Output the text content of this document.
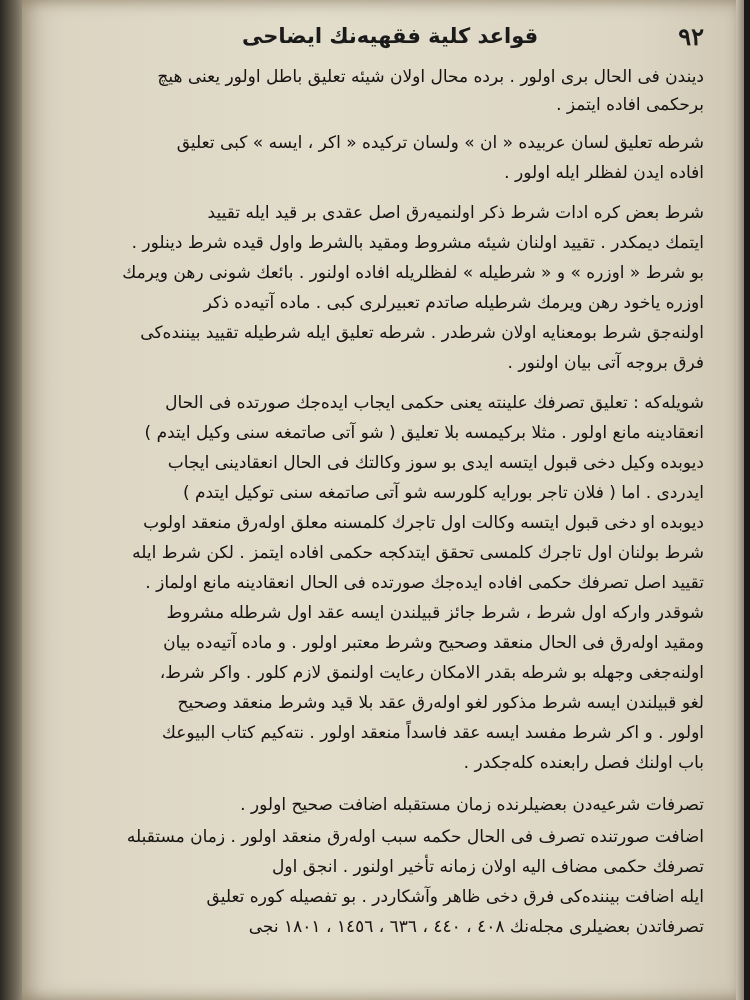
٩٢
قواعد كلية فقهيه‌نك ايضاحى
ديندن فى الحال برى اولور . برده محال اولان شيئه تعليق باطل اولور يعنى هيچ
برحكمى افاده ايتمز .
شرطه تعليق لسان عربيده « ان » ولسان تركيده « اكر ، ايسه » كبى تعليق
افاده ايدن لفظلر ايله اولور .
شرط بعض كره ادات شرط ذكر اولنميه‌رق اصل عقدى بر قيد ايله تقييد
ايتمك ديمكدر . تقييد اولنان شيئه مشروط ومقيد بالشرط واول قيده شرط دينلور .
بو شرط « اوزره » و « شرطيله » لفظلريله افاده اولنور . بائعك شونى رهن ويرمك
اوزره ياخود رهن ويرمك شرطيله صاتدم تعبيرلرى كبى . ماده آتيه‌ده ذكر
اولنه‌جق شرط بومعنايه اولان شرطدر . شرطه تعليق ايله شرطيله تقييد بيننده‌كى
فرق بروجه آتى بيان اولنور .
شويله‌كه : تعليق تصرفك علينته يعنى حكمى ايجاب ايده‌جك صورتده فى الحال
انعقادينه مانع اولور . مثلا بركيمسه بلا تعليق ( شو آتى صاتمغه سنى وكيل ايتدم )
ديوبده وكيل دخى قبول ايتسه ايدى بو سوز وكالتك فى الحال انعقادينى ايجاب
ايدردى . اما ( فلان تاجر بورايه كلورسه شو آتى صاتمغه سنى توكيل ايتدم )
ديوبده او دخى قبول ايتسه وكالت اول تاجرك كلمسنه معلق اوله‌رق منعقد اولوب
شرط بولنان اول تاجرك كلمسى تحقق ايتدكجه حكمى افاده ايتمز . لكن شرط ايله
تقييد اصل تصرفك حكمى افاده ايده‌جك صورتده فى الحال انعقادينه مانع اولماز .
شوقدر واركه اول شرط ، شرط جائز قبيلندن ايسه عقد اول شرطله مشروط
ومقيد اوله‌رق فى الحال منعقد وصحيح وشرط معتبر اولور . و ماده آتيه‌ده بيان
اولنه‌جغى وجهله بو شرطه بقدر الامكان رعايت اولنمق لازم كلور . واكر شرط،
لغو قبيلندن ايسه شرط مذكور لغو اوله‌رق عقد بلا قيد وشرط منعقد وصحيح
اولور . و اكر شرط مفسد ايسه عقد فاسداً منعقد اولور . نته‌كيم كتاب البيوعك
باب اولنك فصل رابعنده كله‌جكدر .
تصرفات شرعيه‌دن بعضيلرنده زمان مستقبله اضافت صحيح اولور .
اضافت صورتنده تصرف فى الحال حكمه سبب اوله‌رق منعقد اولور . زمان مستقبله
تصرفك حكمى مضاف اليه اولان زمانه تأخير اولنور . انجق اول
ايله اضافت بيننده‌كى فرق دخى ظاهر وآشكاردر . بو تفصيله كوره تعليق
تصرفاتدن بعضيلرى مجله‌نك ٤٠٨ ، ٤٤٠ ، ٦٣٦ ، ١٤٥٦ ، ١٨٠١ نجى
